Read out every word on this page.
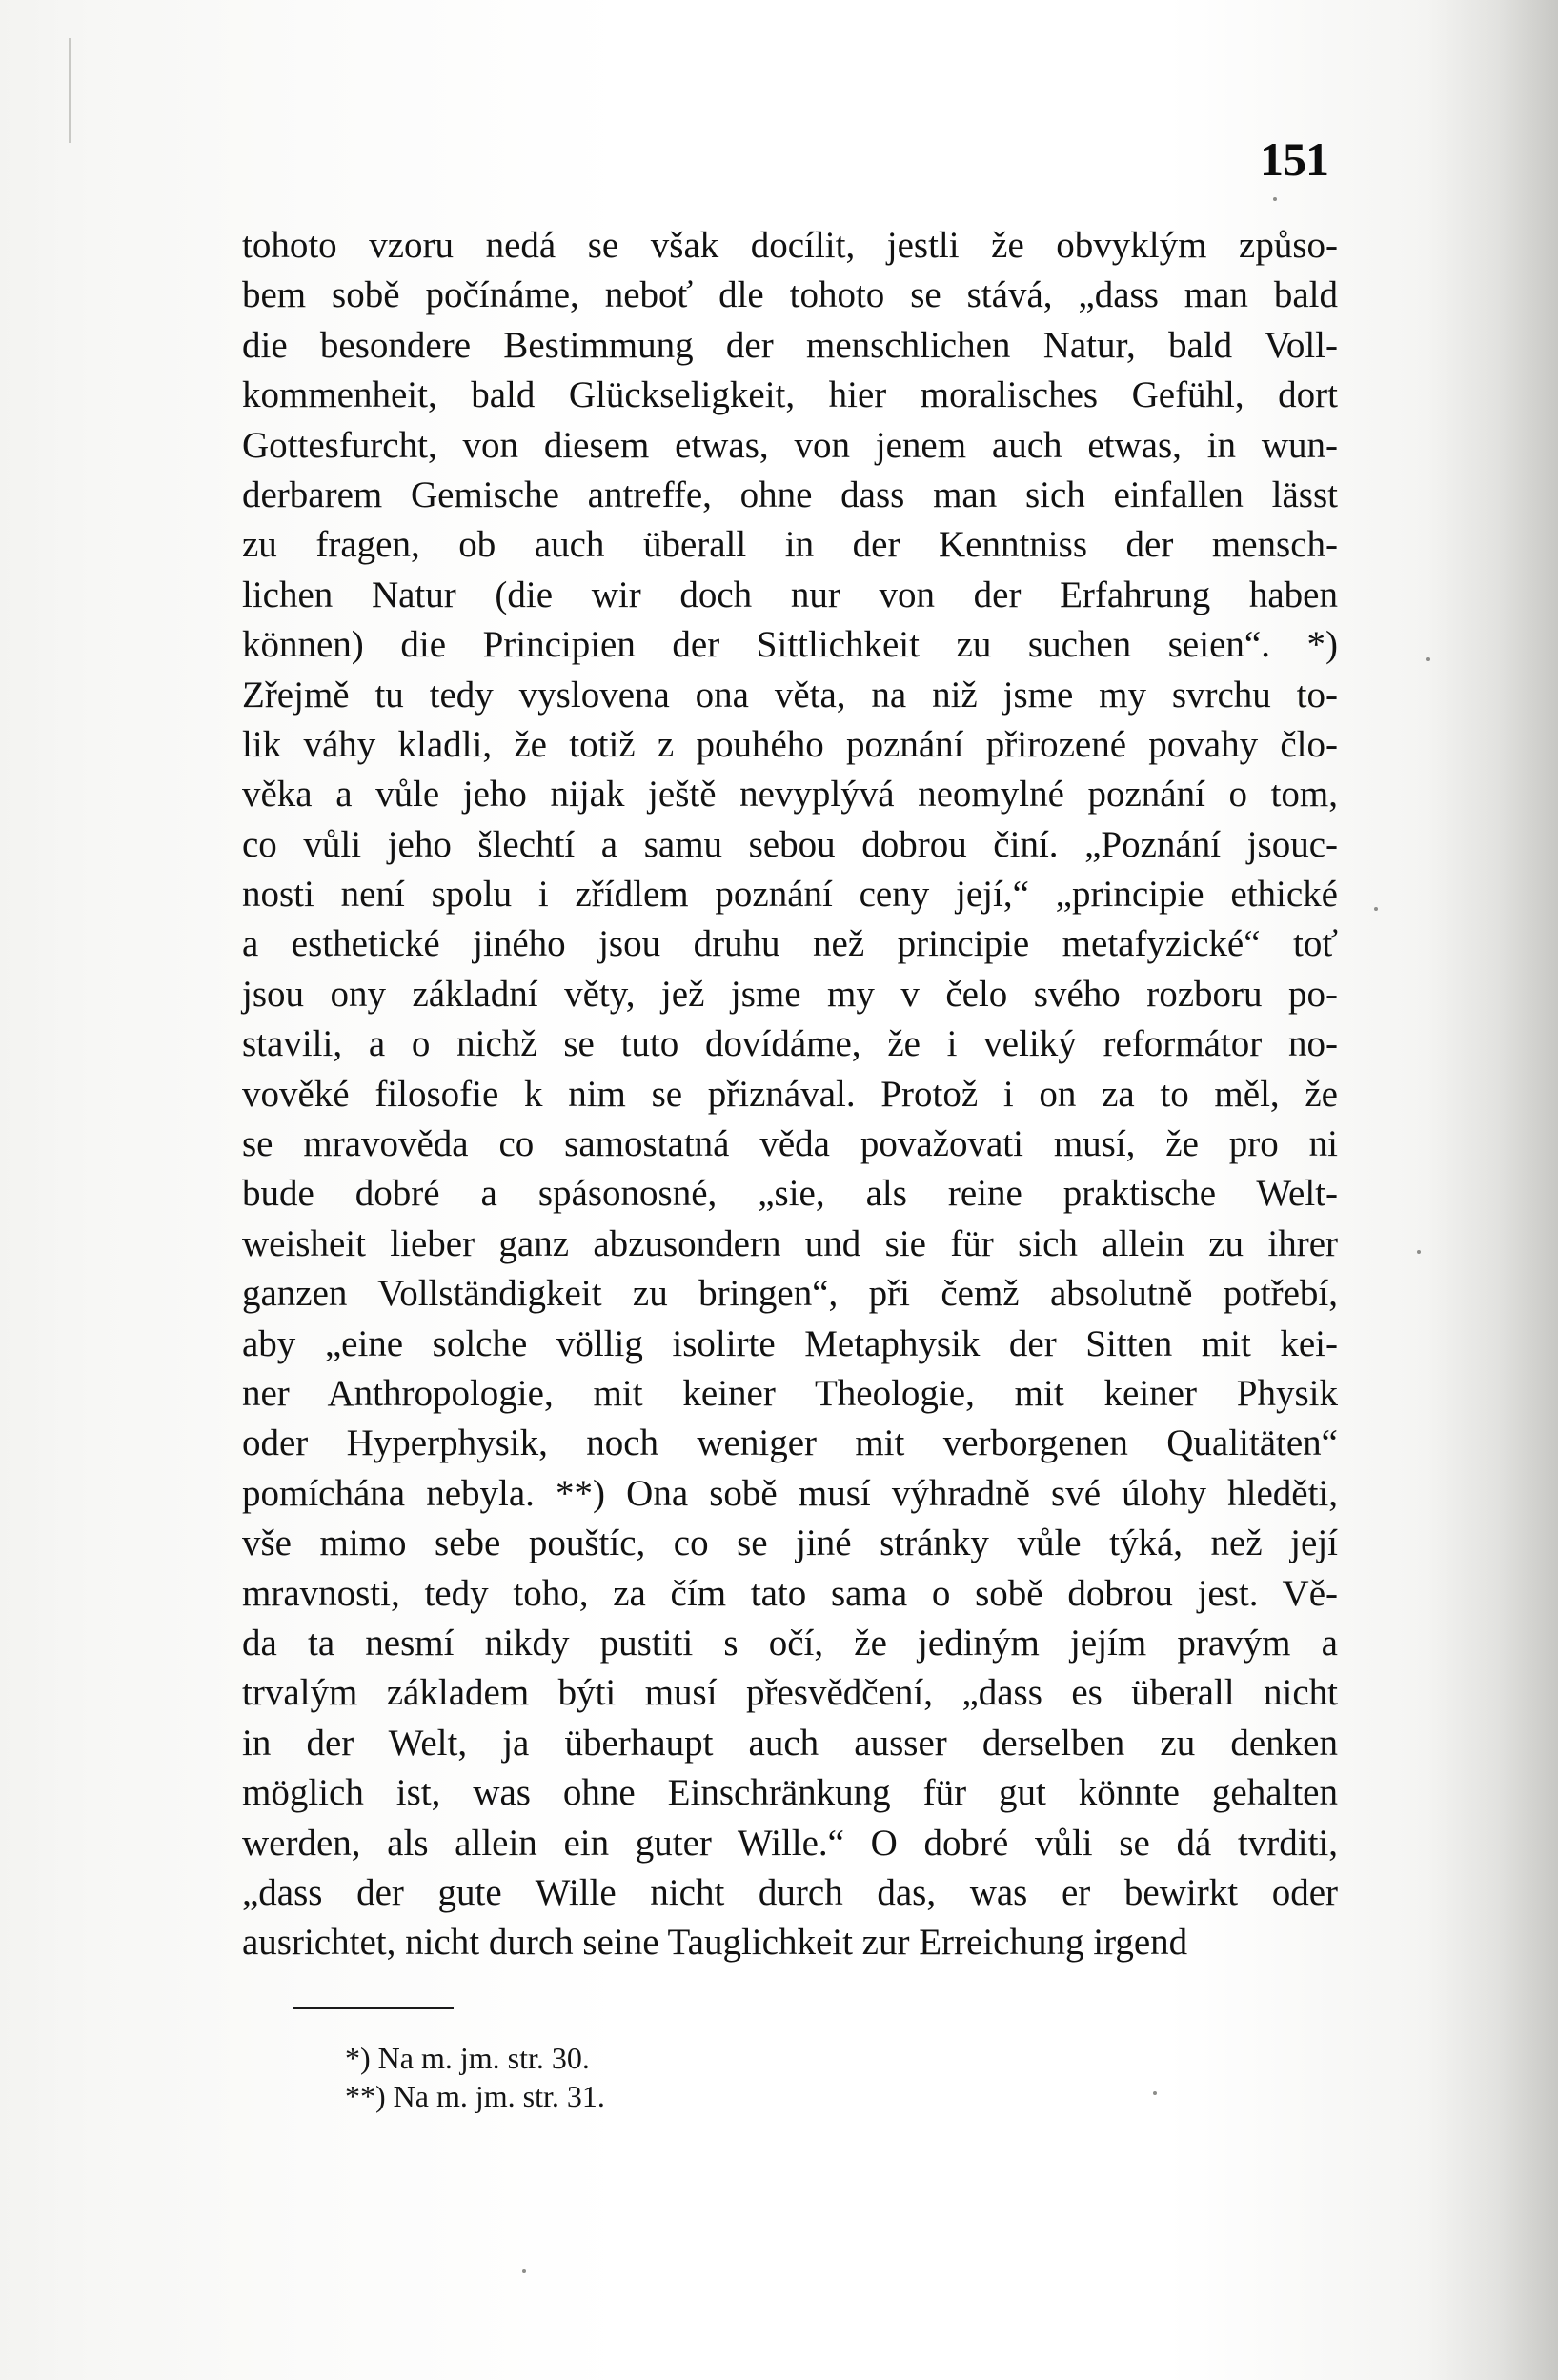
151
tohoto vzoru nedá se však docílit, jestli že obvyklým způso-
bem sobě počínáme, neboť dle tohoto se stává, „dass man bald
die besondere Bestimmung der menschlichen Natur, bald Voll-
kommenheit, bald Glückseligkeit, hier moralisches Gefühl, dort
Gottesfurcht, von diesem etwas, von jenem auch etwas, in wun-
derbarem Gemische antreffe, ohne dass man sich einfallen lässt
zu fragen, ob auch überall in der Kenntniss der mensch-
lichen Natur (die wir doch nur von der Erfahrung haben
können) die Principien der Sittlichkeit zu suchen seien“. *)
Zřejmě tu tedy vyslovena ona věta, na niž jsme my svrchu to-
lik váhy kladli, že totiž z pouhého poznání přirozené povahy člo-
věka a vůle jeho nijak ještě nevyplývá neomylné poznání o tom,
co vůli jeho šlechtí a samu sebou dobrou činí. „Poznání jsouc-
nosti není spolu i zřídlem poznání ceny její,“ „principie ethické
a esthetické jiného jsou druhu než principie metafyzické“ toť
jsou ony základní věty, jež jsme my v čelo svého rozboru po-
stavili, a o nichž se tuto dovídáme, že i veliký reformátor no-
vověké filosofie k nim se přiznával. Protož i on za to měl, že
se mravověda co samostatná věda považovati musí, že pro ni
bude dobré a spásonosné, „sie, als reine praktische Welt-
weisheit lieber ganz abzusondern und sie für sich allein zu ihrer
ganzen Vollständigkeit zu bringen“, při čemž absolutně potřebí,
aby „eine solche völlig isolirte Metaphysik der Sitten mit kei-
ner Anthropologie, mit keiner Theologie, mit keiner Physik
oder Hyperphysik, noch weniger mit verborgenen Qualitäten“
pomíchána nebyla. **) Ona sobě musí výhradně své úlohy hleděti,
vše mimo sebe pouštíc, co se jiné stránky vůle týká, než její
mravnosti, tedy toho, za čím tato sama o sobě dobrou jest. Vě-
da ta nesmí nikdy pustiti s očí, že jediným jejím pravým a
trvalým základem býti musí přesvědčení, „dass es überall nicht
in der Welt, ja überhaupt auch ausser derselben zu denken
möglich ist, was ohne Einschränkung für gut könnte gehalten
werden, als allein ein guter Wille.“ O dobré vůli se dá tvrditi,
„dass der gute Wille nicht durch das, was er bewirkt oder
ausrichtet, nicht durch seine Tauglichkeit zur Erreichung irgend
*) Na m. jm. str. 30.
**) Na m. jm. str. 31.
